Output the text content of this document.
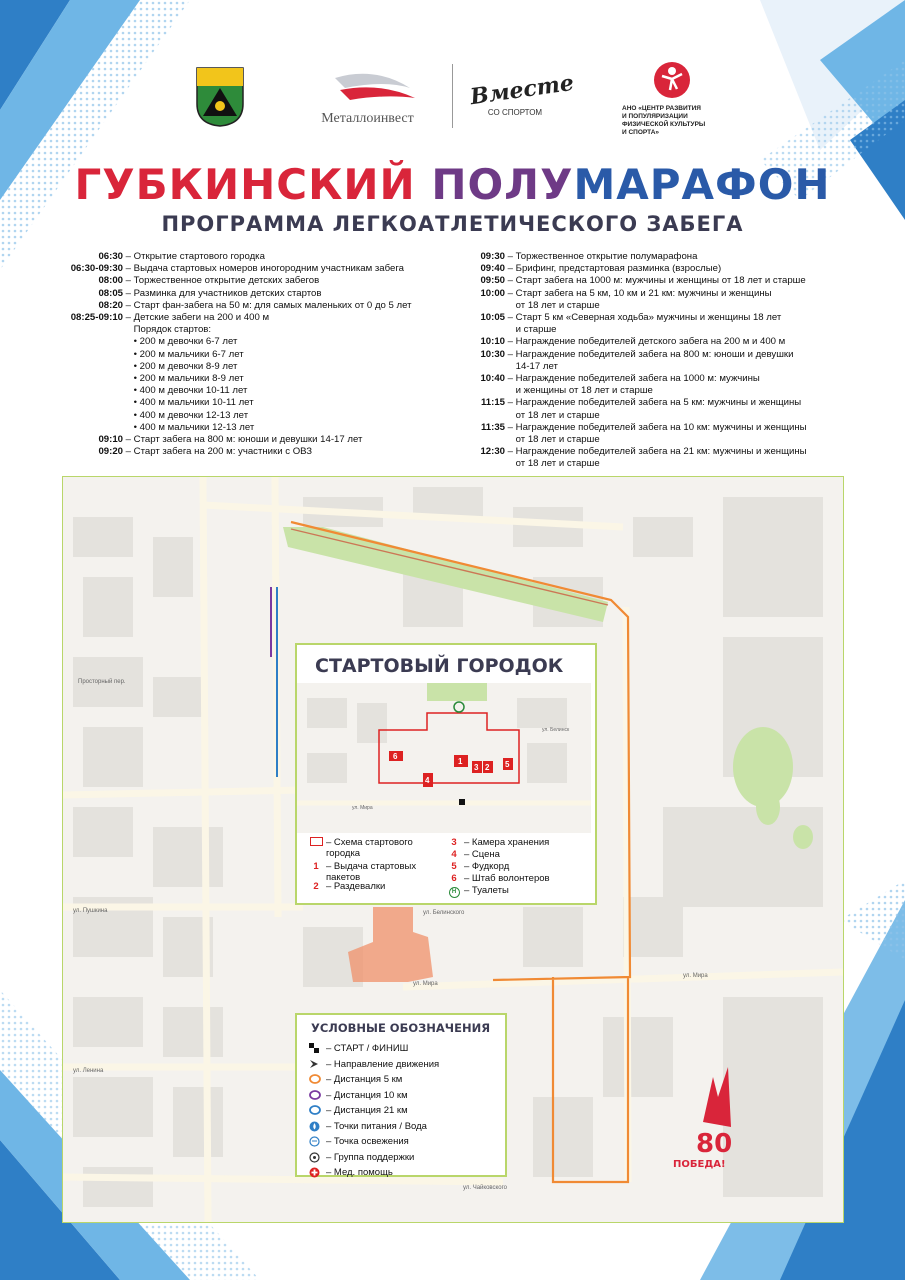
Металлоинвест
Вместе
СО СПОРТОМ	АНО «ЦЕНТР РАЗВИТИЯ
И ПОПУЛЯРИЗАЦИИ
ФИЗИЧЕСКОЙ КУЛЬТУРЫ
И СПОРТА»
ГУБКИНСКИЙ ПОЛУМАРАФОН
ПРОГРАММА ЛЕГКОАТЛЕТИЧЕСКОГО ЗАБЕГА
06:30 – Открытие стартового городка
06:30-09:30 – Выдача стартовых номеров иногородним участникам забега
08:00 – Торжественное открытие детских забегов
08:05 – Разминка для участников детских стартов
08:20 – Старт фан-забега на 50 м: для самых маленьких от 0 до 5 лет
08:25-09:10 – Детские забеги на 200 и 400 м
Порядок стартов:
• 200 м девочки 6-7 лет
• 200 м мальчики 6-7 лет
• 200 м девочки 8-9 лет
• 200 м мальчики 8-9 лет
• 400 м девочки 10-11 лет
• 400 м мальчики 10-11 лет
• 400 м девочки 12-13 лет
• 400 м мальчики 12-13 лет
09:10 – Старт забега на 800 м: юноши и девушки 14-17 лет
09:20 – Старт забега на 200 м: участники с ОВЗ
09:30 – Торжественное открытие полумарафона
09:40 – Брифинг, предстартовая разминка (взрослые)
09:50 – Старт забега на 1000 м: мужчины и женщины от 18 лет и старше
10:00 – Старт забега на 5 км, 10 км и 21 км: мужчины и женщины
от 18 лет и старше
10:05 – Старт 5 км «Северная ходьба» мужчины и женщины 18 лет
и старше
10:10 – Награждение победителей детского забега на 200 м и 400 м
10:30 – Награждение победителей забега на 800 м: юноши и девушки
14-17 лет
10:40 – Награждение победителей забега на 1000 м: мужчины
и женщины от 18 лет и старше
11:15 – Награждение победителей забега на 5 км: мужчины и женщины
от 18 лет и старше
11:35 – Награждение победителей забега на 10 км: мужчины и женщины
от 18 лет и старше
12:30 – Награждение победителей забега на 21 км: мужчины и женщины
от 18 лет и старше
80
ПОБЕДА!
ул. Мира
ул. Мира
ул. Ленина
ул. Пушкина
ул. Чайковского
Просторный пер.
ул. Белинского
СТАРТОВЫЙ ГОРОДОК
1
2
3
4
5
6
ул. Мира
ул. Белинск
– Схема стартового городка
1 – Выдача стартовых пакетов
2 – Раздевалки
3 – Камера хранения
4 – Сцена
5 – Фудкорд
6 – Штаб волонтеров
Н – Туалеты
УСЛОВНЫЕ ОБОЗНАЧЕНИЯ
– СТАРТ / ФИНИШ
– Направление движения
– Дистанция 5 км
– Дистанция 10 км
– Дистанция 21 км
– Точки питания / Вода
– Точка освежения
– Группа поддержки
– Мед. помощь
